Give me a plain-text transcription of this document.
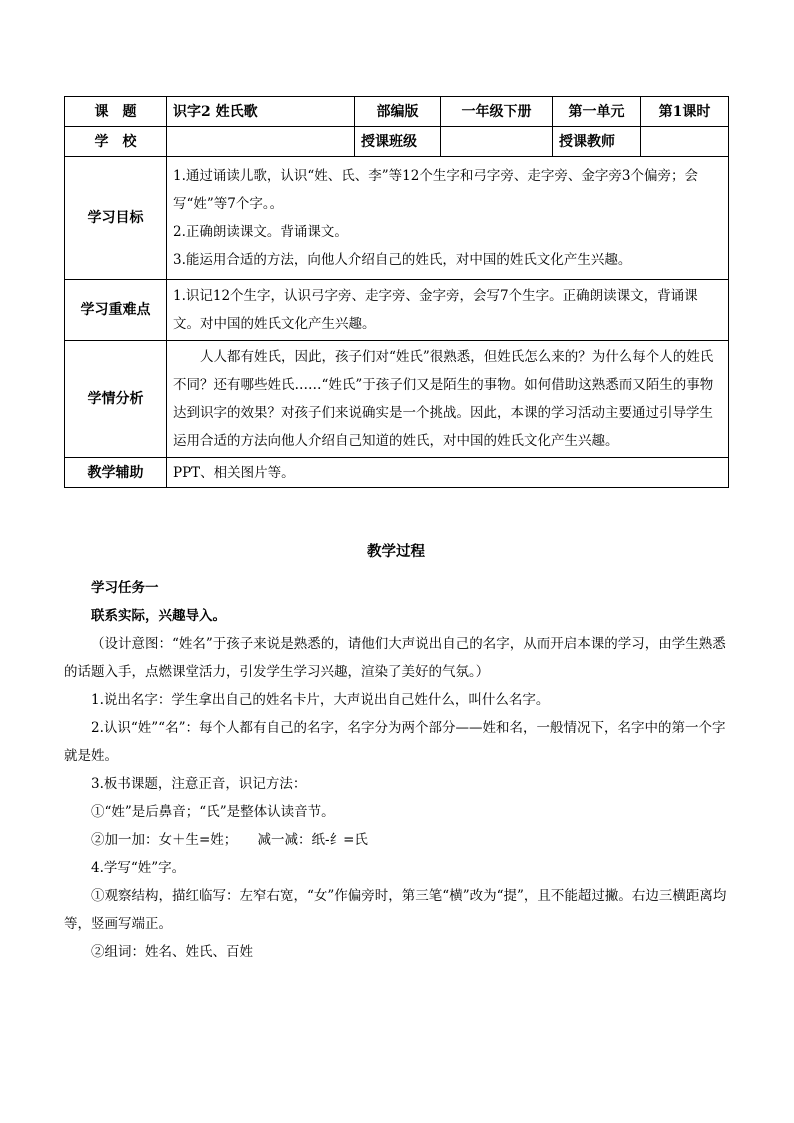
课　题	识字2 姓氏歌	部编版	一年级下册	第一单元	第1课时
学　校		授课班级		授课教师	
学习目标	1.通过诵读儿歌，认识“姓、氏、李”等12个生字和弓字旁、走字旁、金字旁3个偏旁；会写“姓”等7个字。。

2.正确朗读课文。背诵课文。

3.能运用合适的方法，向他人介绍自己的姓氏，对中国的姓氏文化产生兴趣。				

学习重难点	1.识记12个生字，认识弓字旁、走字旁、金字旁，会写7个生字。正确朗读课文，背诵课文。对中国的姓氏文化产生兴趣。				

学情分析	人人都有姓氏，因此，孩子们对“姓氏”很熟悉，但姓氏怎么来的？为什么每个人的姓氏不同？还有哪些姓氏……“姓氏”于孩子们又是陌生的事物。如何借助这熟悉而又陌生的事物达到识字的效果？对孩子们来说确实是一个挑战。因此，本课的学习活动主要通过引导学生运用合适的方法向他人介绍自己知道的姓氏，对中国的姓氏文化产生兴趣。				

教学辅助	PPT、相关图片等。				
教学过程

学习任务一

联系实际，兴趣导入。

（设计意图：“姓名”于孩子来说是熟悉的，请他们大声说出自己的名字，从而开启本课的学习，由学生熟悉的话题入手，点燃课堂活力，引发学生学习兴趣，渲染了美好的气氛。）

1.说出名字：学生拿出自己的姓名卡片，大声说出自己姓什么，叫什么名字。

2.认识“姓”“名”：每个人都有自己的名字，名字分为两个部分——姓和名，一般情况下，名字中的第一个字就是姓。

3.板书课题，注意正音，识记方法：

①“姓”是后鼻音；“氏”是整体认读音节。

②加一加：女＋生=姓；　　减一减：纸-纟=氏

4.学写“姓”字。

①观察结构，描红临写：左窄右宽，“女”作偏旁时，第三笔“横”改为“提”，且不能超过撇。右边三横距离均等，竖画写端正。

②组词：姓名、姓氏、百姓
